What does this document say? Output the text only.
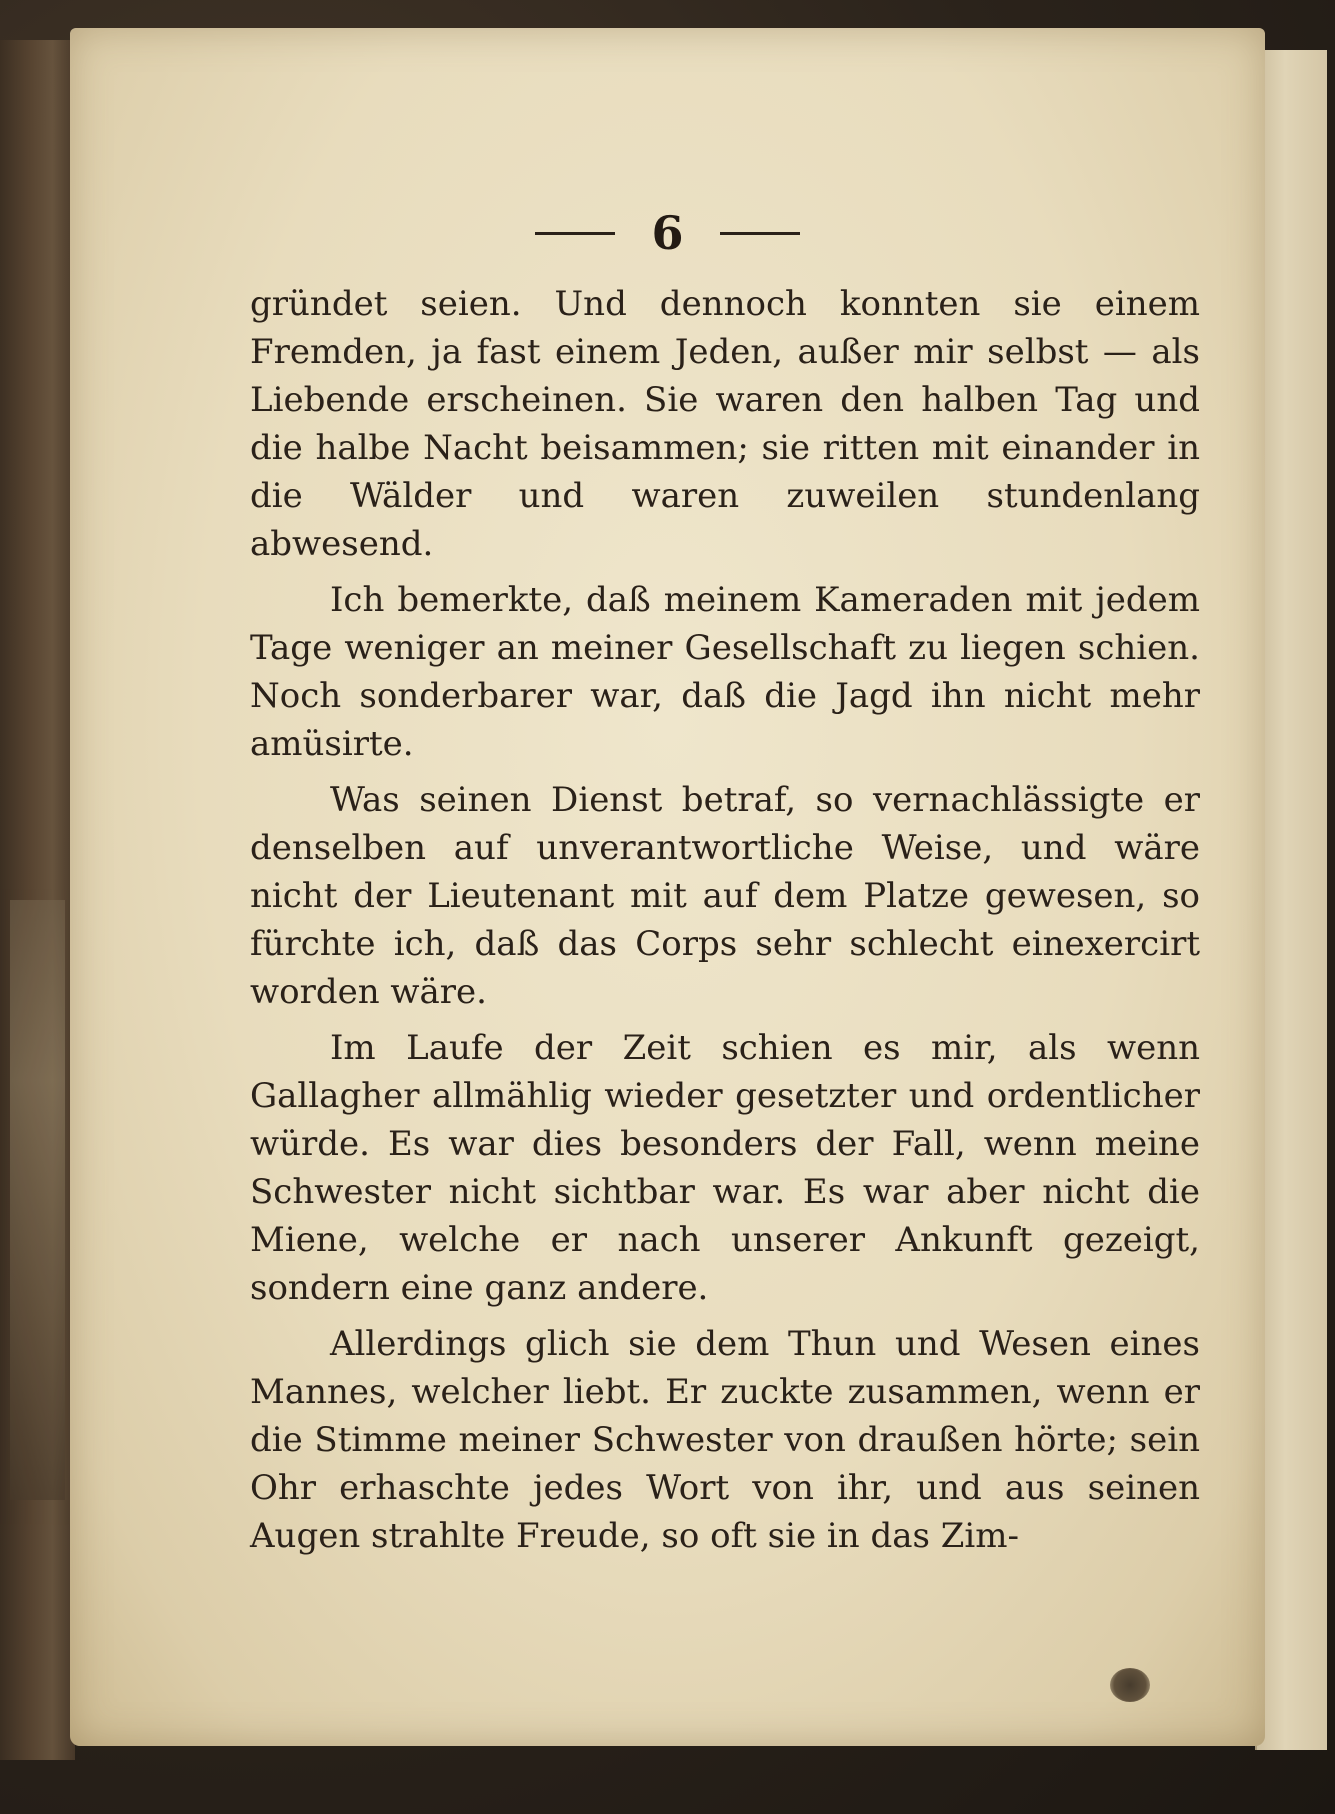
6

gründet seien. Und dennoch konnten sie einem Fremden, ja fast einem Jeden, außer mir selbst — als Liebende erscheinen. Sie waren den halben Tag und die halbe Nacht beisammen; sie ritten mit einander in die Wälder und waren zuweilen stundenlang abwesend.

Ich bemerkte, daß meinem Kameraden mit jedem Tage weniger an meiner Gesellschaft zu liegen schien. Noch sonderbarer war, daß die Jagd ihn nicht mehr amüsirte.

Was seinen Dienst betraf, so vernachlässigte er denselben auf unverantwortliche Weise, und wäre nicht der Lieutenant mit auf dem Platze gewesen, so fürchte ich, daß das Corps sehr schlecht einexercirt worden wäre.

Im Laufe der Zeit schien es mir, als wenn Gallagher allmählig wieder gesetzter und ordentlicher würde. Es war dies besonders der Fall, wenn meine Schwester nicht sichtbar war. Es war aber nicht die Miene, welche er nach unserer Ankunft gezeigt, sondern eine ganz andere.

Allerdings glich sie dem Thun und Wesen eines Mannes, welcher liebt. Er zuckte zusammen, wenn er die Stimme meiner Schwester von draußen hörte; sein Ohr erhaschte jedes Wort von ihr, und aus seinen Augen strahlte Freude, so oft sie in das Zim-
